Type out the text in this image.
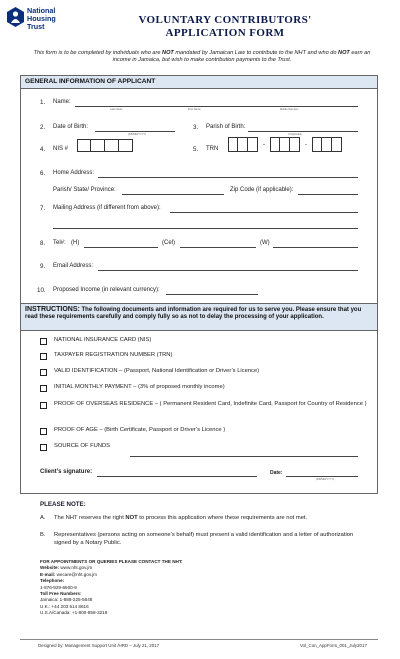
National
Housing
Trust
VOLUNTARY CONTRIBUTORS'
APPLICATION FORM
This form is to be completed by individuals who are NOT mandated by Jamaican Law to contribute to the NHT and who do NOT earn an income in Jamaica, but wish to make contribution payments to the Trust.
GENERAL INFORMATION OF APPLICANT
1. Name:
Last Name	First Name	Middle Name(s)
2. Date of Birth:
(DD/MM/YYYY)
3. Parish of Birth:
If Applicable
4. NIS #	5. TRN
-	-
6. Home Address:
Parish/ State/ Province:	Zip Code (if applicable):
7. Mailing Address (if different from above):
8. Tel#: (H)	(Cel)	(W)
9. Email Address:
10. Proposed Income (in relevant currency):
INSTRUCTIONS: The following documents and information are required for us to serve you. Please ensure that you read these requirements carefully and comply fully so as not to delay the processing of your application.
NATIONAL INSURANCE CARD (NIS)
TAXPAYER REGISTRATION NUMBER (TRN)
VALID IDENTIFICATION – (Passport, National Identification or Driver’s Licence)
INITIAL MONTHLY PAYMENT – (3% of proposed monthly income)
PROOF OF OVERSEAS RESIDENCE – ( Permanent Resident Card, Indefinite Card, Passport for Country of Residence )
PROOF OF AGE – (Birth Certificate, Passport or Driver’s Licence )
SOURCE OF FUNDS
Client’s signature:	Date:
(DD/MM/YYYY)
PLEASE NOTE:
A. The NHT reserves the right NOT to process this application where these requirements are not met.
B. Representatives (persons acting on someone’s behalf) must present a valid identification and a letter of authorization signed by a Notary Public.
FOR APPOINTMENTS OR QUERIES PLEASE CONTACT THE NHT:
Website: www.nht.gov.jm
E-mail: wecare@nht.gov.jm
Telephone:
1-876-929-6500-9
Toll Free Numbers:
Jamaica: 1-888-225-5648
U.K.: +44 203 514 8616
U.S.A/Canada: +1-800-858-3219
Designed by: Management Support Unit /HRD – July 21, 2017	Vol_Con_AppForm_001_July2017
